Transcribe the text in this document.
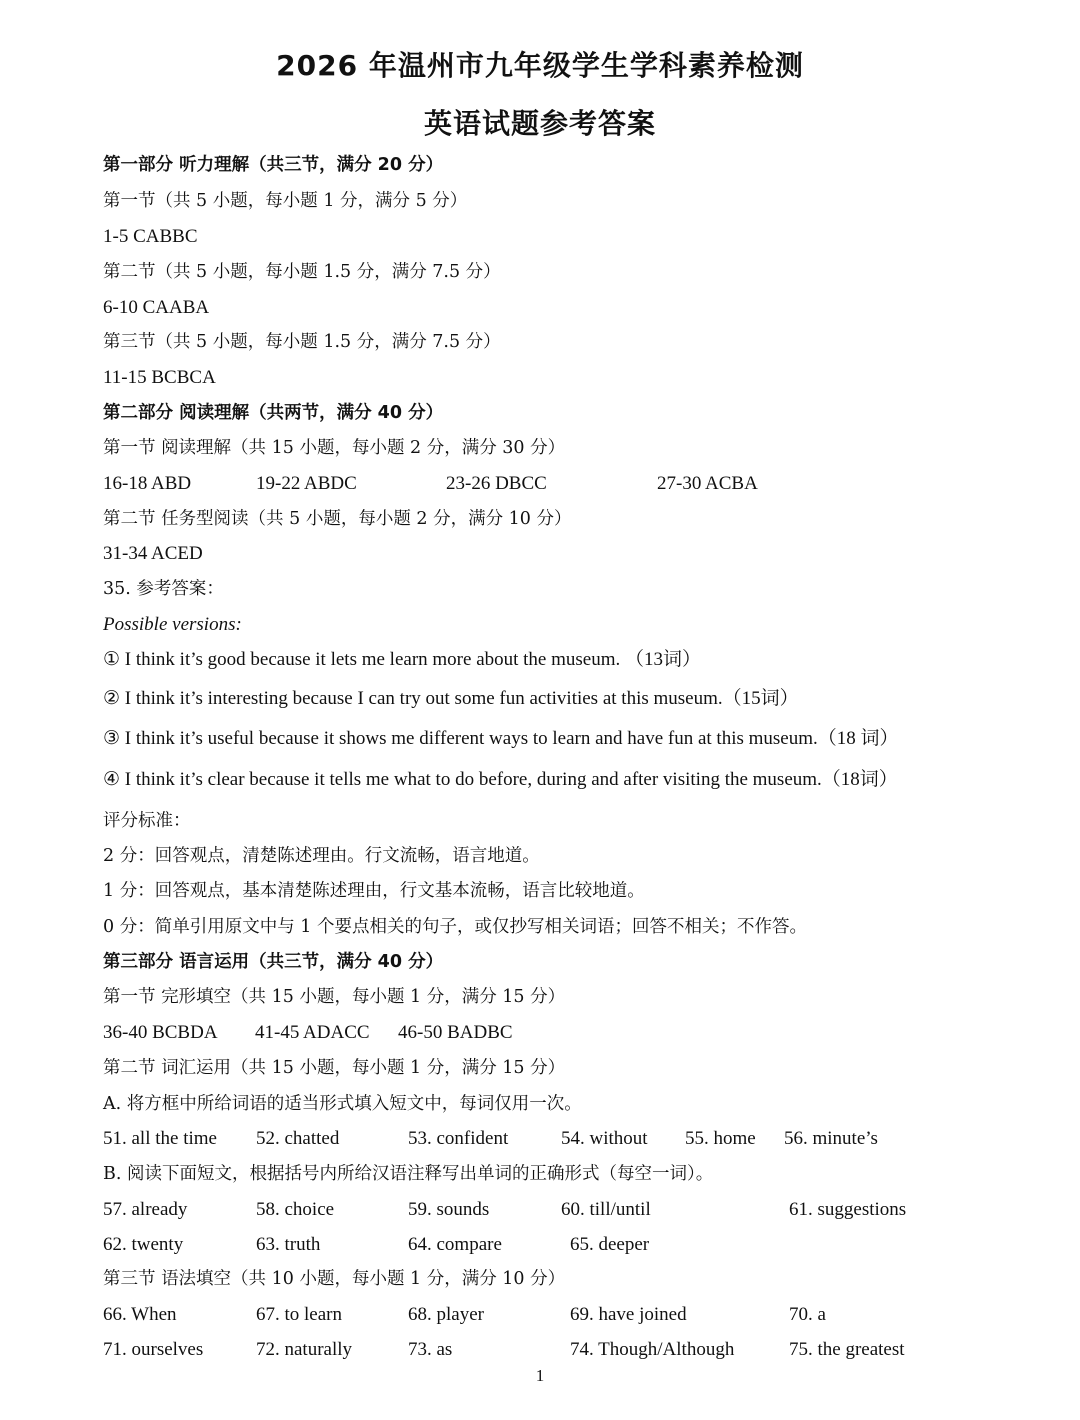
2026 年温州市九年级学生学科素养检测
英语试题参考答案
第一部分 听力理解（共三节，满分 20 分）
第一节（共 5 小题，每小题 1 分，满分 5 分）
1-5 CABBC
第二节（共 5 小题，每小题 1.5 分，满分 7.5 分）
6-10 CAABA
第三节（共 5 小题，每小题 1.5 分，满分 7.5 分）
11-15 BCBCA
第二部分 阅读理解（共两节，满分 40 分）
第一节 阅读理解（共 15 小题，每小题 2 分，满分 30 分）
16-18 ABD	19-22 ABDC	23-26 DBCC	27-30 ACBA
第二节 任务型阅读（共 5 小题，每小题 2 分，满分 10 分）
31-34 ACED
35. 参考答案：
Possible versions:
① I think it’s good because it lets me learn more about the museum. （13词）
② I think it’s interesting because I can try out some fun activities at this museum.（15词）
③ I think it’s useful because it shows me different ways to learn and have fun at this museum.（18 词）
④ I think it’s clear because it tells me what to do before, during and after visiting the museum.（18词）
评分标准：
2 分：回答观点，清楚陈述理由。行文流畅，语言地道。
1 分：回答观点，基本清楚陈述理由，行文基本流畅，语言比较地道。
0 分：简单引用原文中与 1 个要点相关的句子，或仅抄写相关词语；回答不相关；不作答。
第三部分 语言运用（共三节，满分 40 分）
第一节 完形填空（共 15 小题，每小题 1 分，满分 15 分）
36-40 BCBDA 41-45 ADACC 46-50 BADBC
第二节 词汇运用（共 15 小题，每小题 1 分，满分 15 分）
A. 将方框中所给词语的适当形式填入短文中，每词仅用一次。
51. all the time 52. chatted	53. confident	54. without 55. home 56. minute’s
B. 阅读下面短文，根据括号内所给汉语注释写出单词的正确形式（每空一词）。
57. already	58. choice	59. sounds	60. till/until	61. suggestions
62. twenty	63. truth	64. compare	65. deeper
第三节 语法填空（共 10 小题，每小题 1 分，满分 10 分）
66. When	67. to learn	68. player	69. have joined	70. a
71. ourselves	72. naturally	73. as	74. Though/Although	75. the greatest
1
